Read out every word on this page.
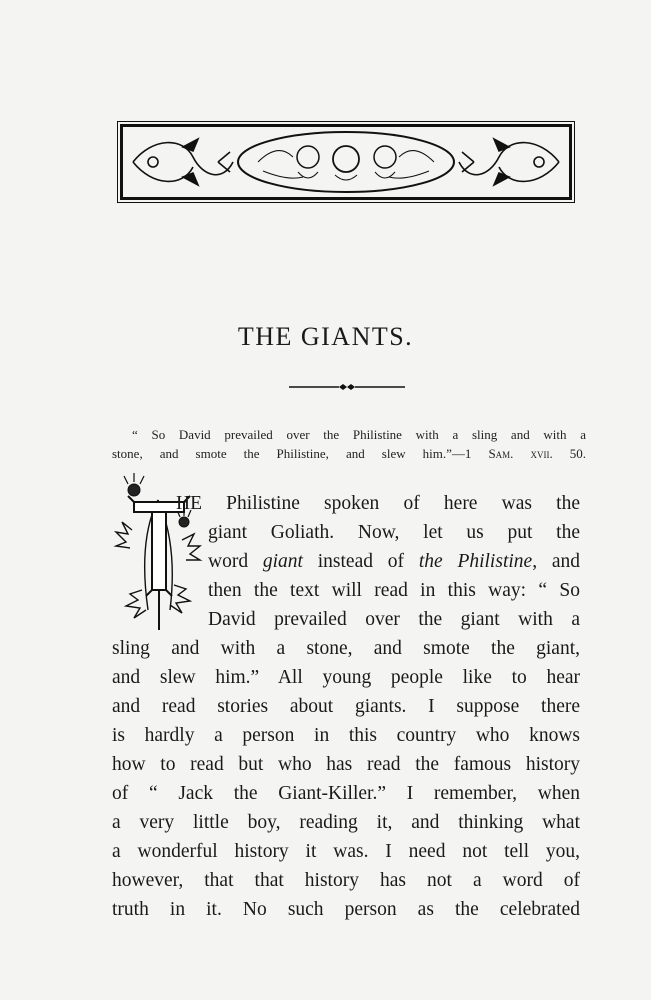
THE GIANTS.
“ So David prevailed over the Philistine with a sling and with a
stone, and smote the Philistine, and slew him.”—1 Sam. xvii. 50.
HE Philistine spoken of here was the
giant Goliath. Now, let us put the
word giant instead of the Philistine, and
then the text will read in this way: “ So
David prevailed over the giant with a
sling and with a stone, and smote the giant,
and slew him.” All young people like to hear
and read stories about giants. I suppose there
is hardly a person in this country who knows
how to read but who has read the famous history
of “ Jack the Giant-Killer.” I remember, when
a very little boy, reading it, and thinking what
a wonderful history it was. I need not tell you,
however, that that history has not a word of
truth in it. No such person as the celebrated
